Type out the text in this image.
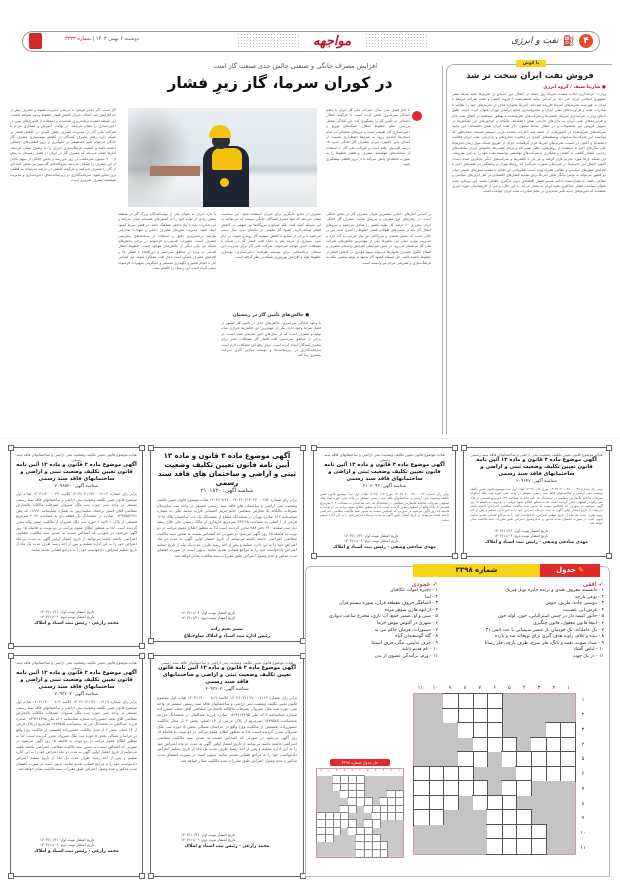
۴
⛽
نفت و انرژی
مواجهه
دوشنبه ۶ بهمن ۱۴۰۳ | شماره ۳۳۳۳
با کوش
فروش نفت ایران سخت تر شد
● سارینا سیف / گروه انرژی
وزارت خزانه‌داری ایالات متحده آمریکا روز جمعه از اعمال دور جدیدی از تحریم‌ها علیه شبکه نفتی جمهوری اسلامی ایران خبر داد. بر اساس بیانیه منتشرشده ۹ فروند کشتی و هفت شرکت مرتبط با ایران به فهرست تحریم‌های آمریکا افزوده شده‌اند. آمریکا همواره هدف از تحریم‌های خود را مقابله با صادرات نفت و فرآورده‌های نفتی ایران و محدودسازی منابع درآمدی تهران عنوان کرده است. طبق ادعای وزارت خزانه‌داری آمریکا، کشتی‌ها و شرکت‌های تحریم‌شده با بهطور مستقیم در انتقال نفت خام و فرآورده‌های نفتی ایران به بازارهای خارجی نقش داشته‌اند. مالکان و اپراتورهای این نفتکش‌ها در تسهیل فروش این محصولات و در انتقال صدها میلیون دلار نفت ایران نقش داشته‌اند. این بیانیه شرکت‌های تحریم‌شده در کشورهایی از جمله هند، امارات متحده عربی مستقر هستند. همان‌طور که پیداست این شرکت‌ها به‌عنوان واسطه‌های کلیدی در زنجیره حمل‌ونقل و بازاریابی نفت ایران فعالیت داشته‌اند و اکنون در لیست تحریم‌های آمریکا قرار گرفته‌اند. ایران از طریق شبکه موی زمان تحریم‌ها طی سال‌های اخیر با استفاده از روش‌هایی نظیر تغییر نام و پرچم کشتی‌ها، خاموش کردن سامانه‌های ردیابی، انتقال کشتی به کشتی و همکاری با شرکت‌های پوششی توانسته نفت خود را به چین بفروشد. این شبکه بارها مورد تحریم قرار گرفته و هر بار با کشتی‌ها و شرکت‌های دیگر جایگزین شده است. اکنون اعمال این تحریم‌ها در شرایطی صورت می‌گیرد که روابط تهران و واشنگتن در هفته‌های اخیر با افزایش تنش‌های سیاسی و نظامی همراه بوده است. همزمانی این اقدام با تشدید تنش‌های امنیتی میان دو کشور می‌تواند به نوعی بیانگر تلاش آمریکا برای تشدید فشارهای اقتصادی در کنار ابزارهای سیاسی و نظامی باشد. با نشان‌دهنده ادامه مسیر فشار اقتصادی بدون درگیری نظامی باشد. این رویکرد تحت عنوان سیاست فشار حداکثری علیه ایران به شمار می‌آید. با این حال، برخی از کارشناسان حوزه انرژی معتقدند که تحریم‌های جدید تأثیر محدودی بر حجم صادرات نفت ایران خواهد داشت.
افزایش مصرف خانگی و صنعتی چالش جدی صنعت گاز است
در کوران سرما، گاز زیرِ فشار
با آغاز فصل سرد سال، شرکت ملی گاز ایران با اعلام آمادگی سراسری تلاش کرده است تا هرگونه اختلال احتمالی در تأمین گاز را پیشگیری کند. این آمادگی شامل بررسی تمام خطوط انتقال، شبکه‌های توزیع و ذخیره‌سازی گاز طبیعی است و نیروهای عملیاتی در تمام استان‌ها آماده‌ی ورود به شرایط اضطراری هستند. از ابتدای پاییز تاکنون، میزان مصرف گاز خانگی حدود ۱۵ درصد افزایش یافته است و شرکت ملی گاز با استفاده از سامانه‌های هوشمند، مصرف و فشار خطوط را به صورت لحظه‌ای پایش می‌کند تا از بروز قطعی پیشگیری شود.
بر اساس آمارهای داخلی، بیشترین میزان مصرف گاز در بخش خانگی است. در زمان‌های اوج مصرف و سرمای شدید، مصرف گاز خانگی ایران بیش از ۶۰ درصد کل تولید کشور را شامل می‌شود و نیروهای انتقال گاز باید در مسیرهای طولانی فشار خطوط را کنترل کنند. این در حالی است که بخش صنعتی و نیروگاهی نیز نیاز مبرمی به گاز دارد و مدیریت توازن میان این بخش‌ها یکی از مهم‌ترین چالش‌های شرکت ملی گاز به شمار می‌رود. در چنین شرایطی افزایش راندمان مصرف و اصلاح الگوی مصرف خانوارها می‌تواند سهم مؤثری در کاهش فشار بر خطوط داشته باشد. حل مسئله کمبود گاز نه‌تنها به تولید بیشتر، بلکه به فرهنگ‌سازی و همراهی مردم نیز وابسته است.
مصرف از منابع جایگزین برای جبران استفاده شود. این سیاست نشان می‌دهد که تنها مصرف‌کنندگان خانگی نیستند که می‌توانند به این مسئله کمک کنند، بلکه صنایع و نیروگاه‌ها نیز سهمی در کاهش فشار شبکه دارند. کمبود گاز طبیعی در ماه‌های سرد سال سبب می‌شود تا برخی از صنایع با کاهش سهمیه گاز روبه‌رو شوند. در ایام سرد بسیاری از مردم هم به دلیل افت فشار گاز در شبکه با مشکلات جدی مواجه می‌شوند. شرکت ملی گاز برای مدیریت این مسائل برنامه‌هایی برای توسعه ظرفیت ذخیره‌سازی، نوسازی خطوط لوله و افزایش بهره‌وری شبکه در نظر گرفته است.
● چالش‌های تأمین گاز در زمستان
با وجود آمادگی سراسری، چالش‌های جدی در تأمین گاز کشور در فصل سرما وجود دارد. یکی از مهم‌ترین این چالش‌ها ناترازی میان تولید و مصرف است که در سال‌های اخیر شدیدتر شده است. در برخی از مناطق سردسیر، افت فشار گاز مشکلات جدی برای مصرف‌کنندگان ایجاد کرده است. برای رفع این مشکلات لازم است سرمایه‌گذاری در زیرساخت‌ها و توسعه میادین گازی سرعت بیشتری پیدا کند.
با دارد. ایران به عنوان یکی از تولیدکنندگان بزرگ گاز در منطقه بخش زیادی از تولید خود را به کشورهای همسایه صادر می‌کند و این صادرات باید با نیاز داخلی هماهنگ باشد. در فصل سرما کمبود ایجاد شود، مدیریت هم‌زمان مصرف داخلی و تعهدات صادراتی نیازمند برنامه‌ریزی دقیق و استفاده از سامانه‌های پیش‌بینی مصرف است. تجهیزات قدیمی و فرسوده در برخی بخش‌های شبکه نیز یکی دیگر از چالش‌های موجود است. خطوط انتقال قدیمی به ویژه در مناطق سردسیر و دورافتاده با فشار بالا و افزایش مصرف ممکن است دچار افت عملکرد شوند. نیز کمدمی کار با انجام تعمیر و نگهداری مستمر و جایگزینی تجهیزات فرسوده سعی کرده است این ریسک را کاهش دهد.
گاز است. اگر ذخایر موجود به درستی مدیریت نشوند و مصرف بیش از حد افزایش یابد، امکان جبران کاهش فشار خطوط وجود نخواهد داشت. این مسئله اهمیت برنامه‌ریزی بلندمدت و استفاده از فناوری‌های نوین در ذخیره‌سازی را نشان می‌دهد. در نهایت، آموزش و همکاری مردم با شرکت ملی گاز در مدیریت مصرف نقش کلیدی در کاهش فشار بر شبکه دارد. رفتار مصرف کنندگان در کاهش بهینه‌سازی مصرف گاز خانگی می‌تواند تأثیر مستقیمی بر جلوگیری از بروز قطعی‌های احتمالی داشته باشد و اهمیت فرهنگ‌سازی انرژی را به وضوح نشان می‌دهد. آمارها نشان می‌دهد که مصرف گاز در ایران در فصل زمستان به بیش از ۷۰۰ میلیون مترمکعب در روز می‌رسد و بخش خانگی از سهم بالایی از این مصرف را تشکیل می‌دهد. نیروگاه‌های گازسوز نیز بخش عمده‌ای از گاز را مصرف می‌کنند و هرگونه کاهش در عرضه می‌تواند به قطعی برق منجر شود. سرمایه‌گذاری در زیرساخت‌های ذخیره‌سازی و مدیریت هوشمند مصرف ضروری است.
هیات موضوع قانون تعیین تکلیف وضعیت ثبتی اراضی و ساختمانهای فاقد سند رسمی
آگهی موضوع ماده ۳ قانون و ماده ۱۳ آئین نامه قانون تعیین تکلیف وضعیت ثبتی و اراضی و ساختمانهای فاقد سند رسمی
شناسه آگهی: ۲۰۹۶۴۷
برابر رای شماره ۱۴۰۳۶۰۳۰۰۰۴۸۰۰۰۰۳۱ مورخ ۱۴۰۳/۱۰/۱۲ هیات اول ثبت موضوع قانون تعیین تکلیف وضعیت ثبتی اراضی و ساختمانهای فاقد سند رسمی مستقر در واحد ثبتی حوزه ثبت ملک اصفهان تصرفات مالکانه بلامعارض متقاضی در ششدانگ یک باب خانه به مساحت ۱۴۳ مترمربع قسمتی از پلاک ثبتی واقع در اصفهان محرز گردیده است. لذا به منظور اطلاع عموم مراتب در دو نوبت به فاصله ۱۵ روز آگهی می‌شود در صورتی که اشخاص نسبت به صدور سند مالکیت متقاضی اعتراضی داشته باشند می‌توانند از تاریخ انتشار اولین آگهی به مدت دو ماه اعتراض خود را به این اداره تسلیم و پس از اخذ رسید ظرف مدت یک ماه از تاریخ تسلیم اعتراض، دادخواست خود را به مراجع قضایی تقدیم نمایند. بدیهی است در صورت انقضای مدت مذکور و عدم وصول اعتراض طبق مقررات سند مالکیت صادر خواهد شد.
تاریخ انتشار نوبت اول: ۱۴۰۳/۱۰/۲۲
تاریخ انتشار نوبت دوم: ۱۴۰۳/۱۱/۰۶
مهدی صادقی وصفی - رئیس ثبت اسناد و املاک
هیات موضوع قانون تعیین تکلیف وضعیت ثبتی اراضی و ساختمانهای فاقد سند رسمی
آگهی موضوع ماده ۳ قانون و ماده ۱۳ آئین نامه قانون تعیین تکلیف وضعیت ثبتی و اراضی و ساختمانهای فاقد سند رسمی
شناسه آگهی: ۲۱۰۲۰۹۳
برابر رای شماره ۱۴۰۳۶۰۳۰۰۰۴۸۰۰۰۰۳۲ مورخ ۱۴۰۳/۱۰/۱۲ هیات اول ثبت موضوع قانون تعیین تکلیف وضعیت ثبتی اراضی و ساختمانهای فاقد سند رسمی مستقر در واحد ثبتی حوزه ثبت ملک اصفهان تصرفات مالکانه بلامعارض متقاضی در ششدانگ یک باب ساختمان به مساحت ۲۰۴ مترمربع قسمتی از پلاک واقع در اصفهان محرز گردیده است. لذا به منظور اطلاع عموم مراتب در دو نوبت به فاصله ۱۵ روز آگهی می‌شود در صورتی که اشخاص نسبت به صدور سند مالکیت متقاضی اعتراضی داشته باشند می‌توانند از تاریخ انتشار اولین آگهی به مدت دو ماه اعتراض خود را به این اداره تسلیم نمایند.
تاریخ انتشار نوبت اول: ۱۴۰۳/۱۰/۲۲
تاریخ انتشار نوبت دوم: ۱۴۰۳/۱۱/۰۶
مهدی صادقی وصفی - رئیس ثبت اسناد و املاک
آگهی موضوع ماده ۳ قانون و ماده ۱۳ آیین نامه قانون تعیین تکلیف وضعیت ثبتی و اراضی و ساختمان های فاقد سند رسمی
شناسه آگهی: ۲۱۰۱۸۲۰
برابر رای شماره ۱۴۰۳۶۰۳۱۳۰۲۳۰۰۰۴۵۲ - ۱۴۰۳/۰۹/۱۷ هیات موضوع قانون تعیین تکلیف وضعیت ثبتی اراضی و ساختمان های فاقد سند رسمی مستقر در واحد ثبت ساوجبلاغ تصرفات مالکانه بلا معارض متقاضی خانم مریم کسمانی فرزند محمد علی به شماره شناسنامه ۹۱۲ صادره تهران در ششدانگ مشاع از ششدانگ یک باب ساختمان پلاک ۱۲۶۸ فرعی از ۱ اصلی به مساحت ۲۹۳/۶۵ مترمربع خریداری از مالک رسمی علی فلاح پیشه ذیل ثبت صفحه ۳۱۰ دفتر ۷۸۸ محرز گردیده است لذا به منظور اطلاع عموم مراتب در دو نوبت به فاصله ۱۵ روز آگهی می‌شود در صورتی که اشخاص نسبت به صدور سند مالکیت متقاضی اعتراضی داشته باشند می‌توانند از تاریخ انتشار اولین آگهی به مدت دو ماه اعتراض خود را به این اداره تسلیم و پس از اخذ رسید ظرف مدت یک ماه از تاریخ تسلیم اعتراض دادخواست خود را به مراجع قضایی تقدیم نمایند. بدیهی است در صورت انقضای مدت مذکور و عدم وصول اعتراض طبق مقررات سند مالکیت صادر خواهد شد.
تاریخ انتشار نوبت اول: ۱۴۰۳/۱۱/۰۶
تاریخ انتشار نوبت دوم: ۱۴۰۳/۱۱/۲۱
بشیر تعیم زاده
رئیس اداره ثبت اسناد و املاک ساوجبلاغ
هیات موضوع قانون تعیین تکلیف وضعیت ثبتی اراضی و ساختمانهای فاقد سند رسمی
آگهی موضوع ماده ۳ قانون و ماده ۱۳ آئین نامه قانون تعیین تکلیف وضعیت ثبتی و اراضی و ساختمانهای فاقد سند رسمی
شناسه آگهی: ۲۰۹۶۵۲۰
برابر رای شماره ۱۴۰۳۶۰۳۱۱۹۹۰۰۰۷۱۱۴ کلاسه ۱۴۰۳۱۱۴۰۰۰۰۳۹ هیات اول موضوع قانون تعیین تکلیف وضعیت ثبتی اراضی و ساختمانهای فاقد سند رسمی مستقر در واحد ثبتی حوزه ثبت ملک شیروان تصرفات مالکانه بلامعارض متقاضی آقای اصغر براتصاد سلیمان‌پور به شماره شناسنامه ۱۸۹۹۱ کد ملی ۰۸۲۹۹۵۵۲۳۸۱ صادره در ششدانگ یک قطعه باغ به مساحت ۳۰۶۲ مترمربع قسمتی از پلاک ۱ ناحیه ۴ حوزه ثبت ملک شیروان از مالکیت حسن واله محرز گردیده است. لذا به منظور اطلاع عموم مراتب در دو نوبت به فاصله ۱۵ روز آگهی می‌شود در صورتی که اشخاص نسبت به صدور سند مالکیت متقاضی اعتراضی داشته باشند می‌توانند از تاریخ انتشار اولین آگهی به مدت دو ماه اعتراض خود را به این اداره تسلیم و پس از اخذ رسید ظرف مدت یک ماه از تاریخ تسلیم اعتراض، دادخواست خود را به مراجع قضایی تقدیم نمایند.
تاریخ انتشار نوبت اول: ۱۴۰۳/۱۰/۲۱
تاریخ انتشار نوبت دوم: ۱۴۰۳/۱۱/۰۶
محمد زارعی - رئیس ثبت اسناد و املاک
هیات موضوع قانون تعیین تکلیف وضعیت ثبتی اراضی و ساختمانهای فاقد سند رسمی
آگهی موضوع ماده ۳ قانون و ماده ۱۳ آئین نامه قانون تعیین تکلیف وضعیت ثبتی و اراضی و ساختمانهای فاقد سند رسمی
شناسه آگهی: ۲۰۹۳۶۰۲
برابر رای شماره ۱۴۰۳۶۰۳۱۱۹۹۰۰۰۷۱۱۹ کلاسه ۱۴۰۳۱۱۴۰۰۰۰۸۱۹ هیات اول موضوع قانون تعیین تکلیف وضعیت ثبتی اراضی و ساختمانهای فاقد سند رسمی مستقر در واحد ثبتی حوزه ثبت ملک شیروان تصرفات مالکانه بلامعارض متقاضی آقای نجف حسین‌زاده شماره شناسنامه ۲ کد ملی ۰۸۳۹۶۱۴۴۹۵ صادره فرزند عبدالعلی در ششدانگ مزرعه به‌مساحت ۱۸۷۹۵۸۵ مترمربع از پلاک فرعی از ۱۳ اصلی بخش ۴ از محل مالکیت حسین‌زاده (قسمتی از مالکیت وی) واقع در خراسان شمالی بخش ۵ حوزه ثبت ملک شیروان محرز گردیده است. لذا به منظور اطلاع عموم مراتب در دو نوبت به فاصله ۱۵ روز آگهی می‌شود در صورتی که اشخاص نسبت به صدور سند مالکیت متقاضی اعتراضی داشته باشند می‌توانند از تاریخ انتشار اولین آگهی به مدت دو ماه اعتراض خود را به این اداره تسلیم و پس از اخذ رسید ظرف مدت یک ماه از تاریخ تسلیم اعتراض دادخواست خود را به مراجع قضایی تقدیم نمایند. بدیهی است در صورت انقضای مدت مذکور و عدم وصول اعتراض طبق مقررات سند مالکیت صادر خواهد شد.
تاریخ انتشار نوبت اول: ۱۴۰۳/۱۰/۲۱
تاریخ انتشار نوبت دوم: ۱۴۰۳/۱۱/۰۶
محمد زارعی - رئیس ثبت اسناد و املاک
هیات موضوع قانون تعیین تکلیف وضعیت ثبتی اراضی و ساختمانهای فاقد سند رسمی
آگهی موضوع ماده ۳ قانون و ماده ۱۳ آئین نامه قانون تعیین تکلیف وضعیت ثبتی و اراضی و ساختمانهای فاقد سند رسمی
شناسه آگهی: ۲۰۹۳۶۰۲
برابر رای شماره ۱۴۰۳۶۰۳۱۱۹۹۰۰۰۷۱۱۹ کلاسه ۱۴۰۳۱۱۴۰۰۰۰۸۱۹ هیات اول موضوع قانون تعیین تکلیف وضعیت ثبتی اراضی و ساختمانهای فاقد سند رسمی مستقر در واحد ثبتی حوزه ثبت ملک شیروان تصرفات مالکانه بلامعارض متقاضی آقای نجف حسین‌زاده شماره شناسنامه ۲ کد ملی ۰۸۳۹۶۱۴۴۹۵ صادره فرزند عبدالعلی در ششدانگ مزرعه به‌مساحت ۱۸۷۹۵۸۵ مترمربع از پلاک فرعی از ۱۳ اصلی بخش ۴ از محل مالکیت حسین‌زاده (قسمتی از مالکیت وی) واقع در خراسان شمالی بخش ۵ حوزه ثبت ملک شیروان محرز گردیده است. لذا به منظور اطلاع عموم مراتب در دو نوبت به فاصله ۱۵ روز آگهی می‌شود در صورتی که اشخاص نسبت به صدور سند مالکیت متقاضی اعتراضی داشته باشند می‌توانند از تاریخ انتشار اولین آگهی به مدت دو ماه اعتراض خود را به این اداره تسلیم و پس از اخذ رسید ظرف مدت یک ماه از تاریخ تسلیم اعتراض دادخواست خود را به مراجع قضایی تقدیم نمایند. بدیهی است در صورت انقضای مدت مذکور و عدم وصول اعتراض طبق مقررات سند مالکیت صادر خواهد شد.
تاریخ انتشار نوبت اول: ۱۴۰۳/۱۰/۲۱
تاریخ انتشار نوبت دوم: ۱۴۰۳/۱۱/۰۶
محمد زارعی - رئیس ثبت اسناد و املاک
✎ جدول
شماره ۳۳۹۸
✓ افقی
۱ - دانشمند معروف هندی و برنده جایزه نوبل فیزیک
۲ - نوعی پارچه
۳ - دوستی جاده، طریق، خوش
۴ - غرش ابر، عصبیت
۵ - جانور کیسه دار در جنس استرالیایی، خون، لوله خون
۶ - اینجا قانون معقول، قانون چنگیزی
۷ - یک عاملیانه، یک خودمان باز عنصر شیمیایی با عدد اتمی ۳۱
۸ - بنده و غلام، زاویه هدف گیری برای توپخانه صد و یازده
۹ - صدا، صوت، نغمه و بانگ، فلز سرخ، ظرف پارچه، فلز رسانا
۱۰ - لباس گشاد
۱۱ - در یک جهت
✓ عمودی
۱ - ذخیره اموات تلکاقیان
۲ - ابدا
۳ - الصاقگر حروف مقطعه قرآن، سوره بیستم قرآن
۴ - از ابهه هارن شوهر مرده
۵ - سبن و او، ضمیر جمع، آب تازی، مخترع ساعت دیواری
۶ - شهری در آلبوس موش خرما
۷ - دستورات، فرمان حاکم می نه
۸ - گله گوسفندان گیاه
۹ - حرف تدلیس، مگر، حرف استثنا
۱۰ - نام قدیم تایلند
۱۱ - ورم، برآمدگی عضوی از بدن
۱
۲
۳
۴
۵
۶
۷
۸
۹
۱۰
۱۱
۱
۲
۳
۴
۵
۶
۷
۸
۹
۱۰
۱۱
حل جدول شماره ۳۳۹۷
۱
۲
۳
۴
۵
۶
۷
۸
۹
۱۰
۱۱
